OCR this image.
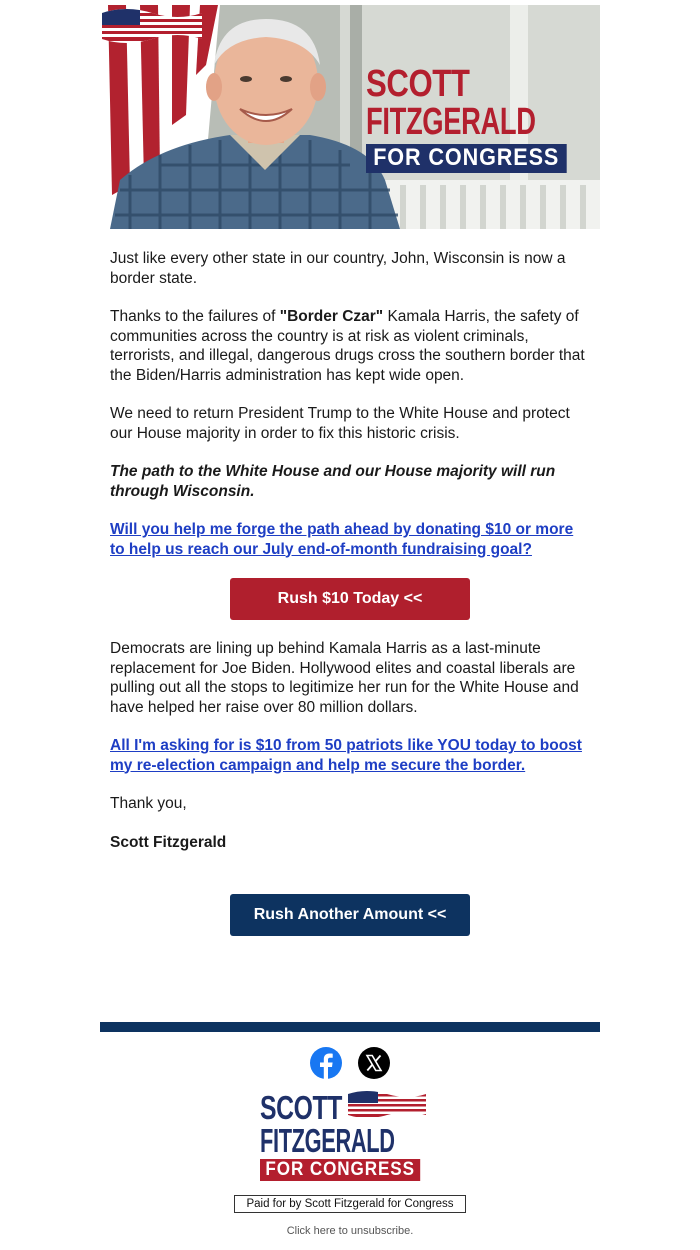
SCOTT
FITZGERALD
FOR CONGRESS

Just like every other state in our country, John, Wisconsin is now a border state.

Thanks to the failures of "Border Czar" Kamala Harris, the safety of communities across the country is at risk as violent criminals, terrorists, and illegal, dangerous drugs cross the southern border that the Biden/Harris administration has kept wide open.

We need to return President Trump to the White House and protect our House majority in order to fix this historic crisis.

The path to the White House and our House majority will run through Wisconsin.

Will you help me forge the path ahead by donating $10 or more to help us reach our July end-of-month fundraising goal?

Rush $10 Today <<

Democrats are lining up behind Kamala Harris as a last-minute replacement for Joe Biden. Hollywood elites and coastal liberals are pulling out all the stops to legitimize her run for the White House and have helped her raise over 80 million dollars.

All I'm asking for is $10 from 50 patriots like YOU today to boost my re-election campaign and help me secure the border.

Thank you,

Scott Fitzgerald

Rush Another Amount <<

SCOTT
FITZGERALD
FOR CONGRESS
Paid for by Scott Fitzgerald for Congress
Click here to unsubscribe.
